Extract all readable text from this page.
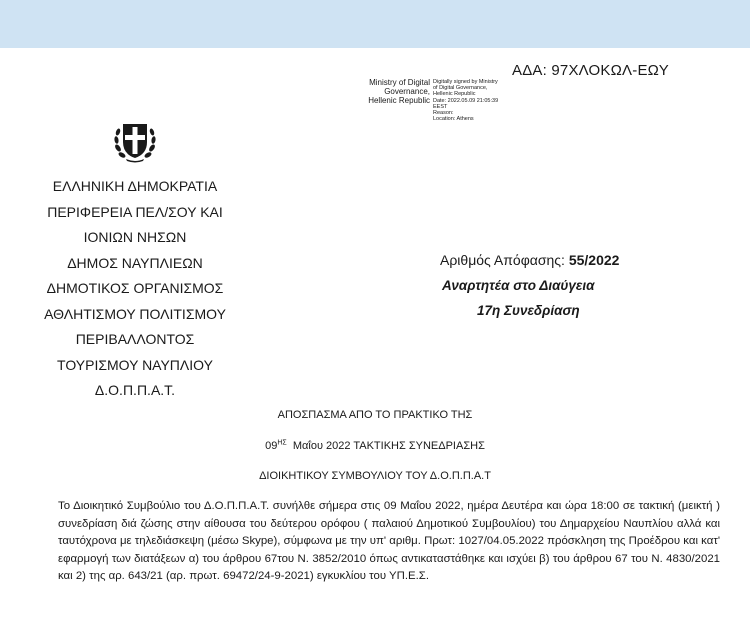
ΑΔΑ: 97ΧΛΟΚΩΛ-ΕΩΥ
Ministry of Digital
Governance,
Hellenic Republic
Digitally signed by Ministry
of Digital Governance,
Hellenic Republic
Date: 2022.05.09 21:05:39
EEST
Reason:
Location: Athens
ΕΛΛΗΝΙΚΗ ΔΗΜΟΚΡΑΤΙΑ
ΠΕΡΙΦΕΡΕΙΑ ΠΕΛ/ΣΟΥ ΚΑΙ
ΙΟΝΙΩΝ ΝΗΣΩΝ
ΔΗΜΟΣ ΝΑΥΠΛΙΕΩΝ
ΔΗΜΟΤΙΚΟΣ ΟΡΓΑΝΙΣΜΟΣ
ΑΘΛΗΤΙΣΜΟΥ ΠΟΛΙΤΙΣΜΟΥ
ΠΕΡΙΒΑΛΛΟΝΤΟΣ
ΤΟΥΡΙΣΜΟΥ ΝΑΥΠΛΙΟΥ
Δ.Ο.Π.Π.Α.Τ.
Αριθμός Απόφασης: 55/2022
Αναρτητέα στο Διαύγεια
17η Συνεδρίαση
ΑΠΟΣΠΑΣΜΑ ΑΠΟ ΤΟ ΠΡΑΚΤΙΚΟ ΤΗΣ
$09^{H\Sigma}$  Μαΐου 2022 ΤΑΚΤΙΚΗΣ ΣΥΝΕΔΡΙΑΣΗΣ
ΔΙΟΙΚΗΤΙΚΟΥ ΣΥΜΒΟΥΛΙΟΥ ΤΟΥ Δ.Ο.Π.Π.Α.Τ

Το Διοικητικό Συμβούλιο του Δ.Ο.Π.Π.Α.Τ. συνήλθε σήμερα στις 09 Μαΐου 2022, ημέρα Δευτέρα και ώρα 18:00 σε τακτική (μεικτή ) συνεδρίαση διά ζώσης στην αίθουσα του δεύτερου ορόφου ( παλαιού Δημοτικού Συμβουλίου) του Δημαρχείου Ναυπλίου αλλά και ταυτόχρονα με τηλεδιάσκεψη (μέσω Skype), σύμφωνα με την υπ' αριθμ. Πρωτ: 1027/04.05.2022 πρόσκληση της Προέδρου και κατ' εφαρμογή των διατάξεων α) του άρθρου 67του Ν. 3852/2010 όπως αντικαταστάθηκε και ισχύει β) του άρθρου 67 του Ν. 4830/2021 και 2) της αρ. 643/21 (αρ. πρωτ. 69472/24-9-2021) εγκυκλίου του ΥΠ.Ε.Σ.
